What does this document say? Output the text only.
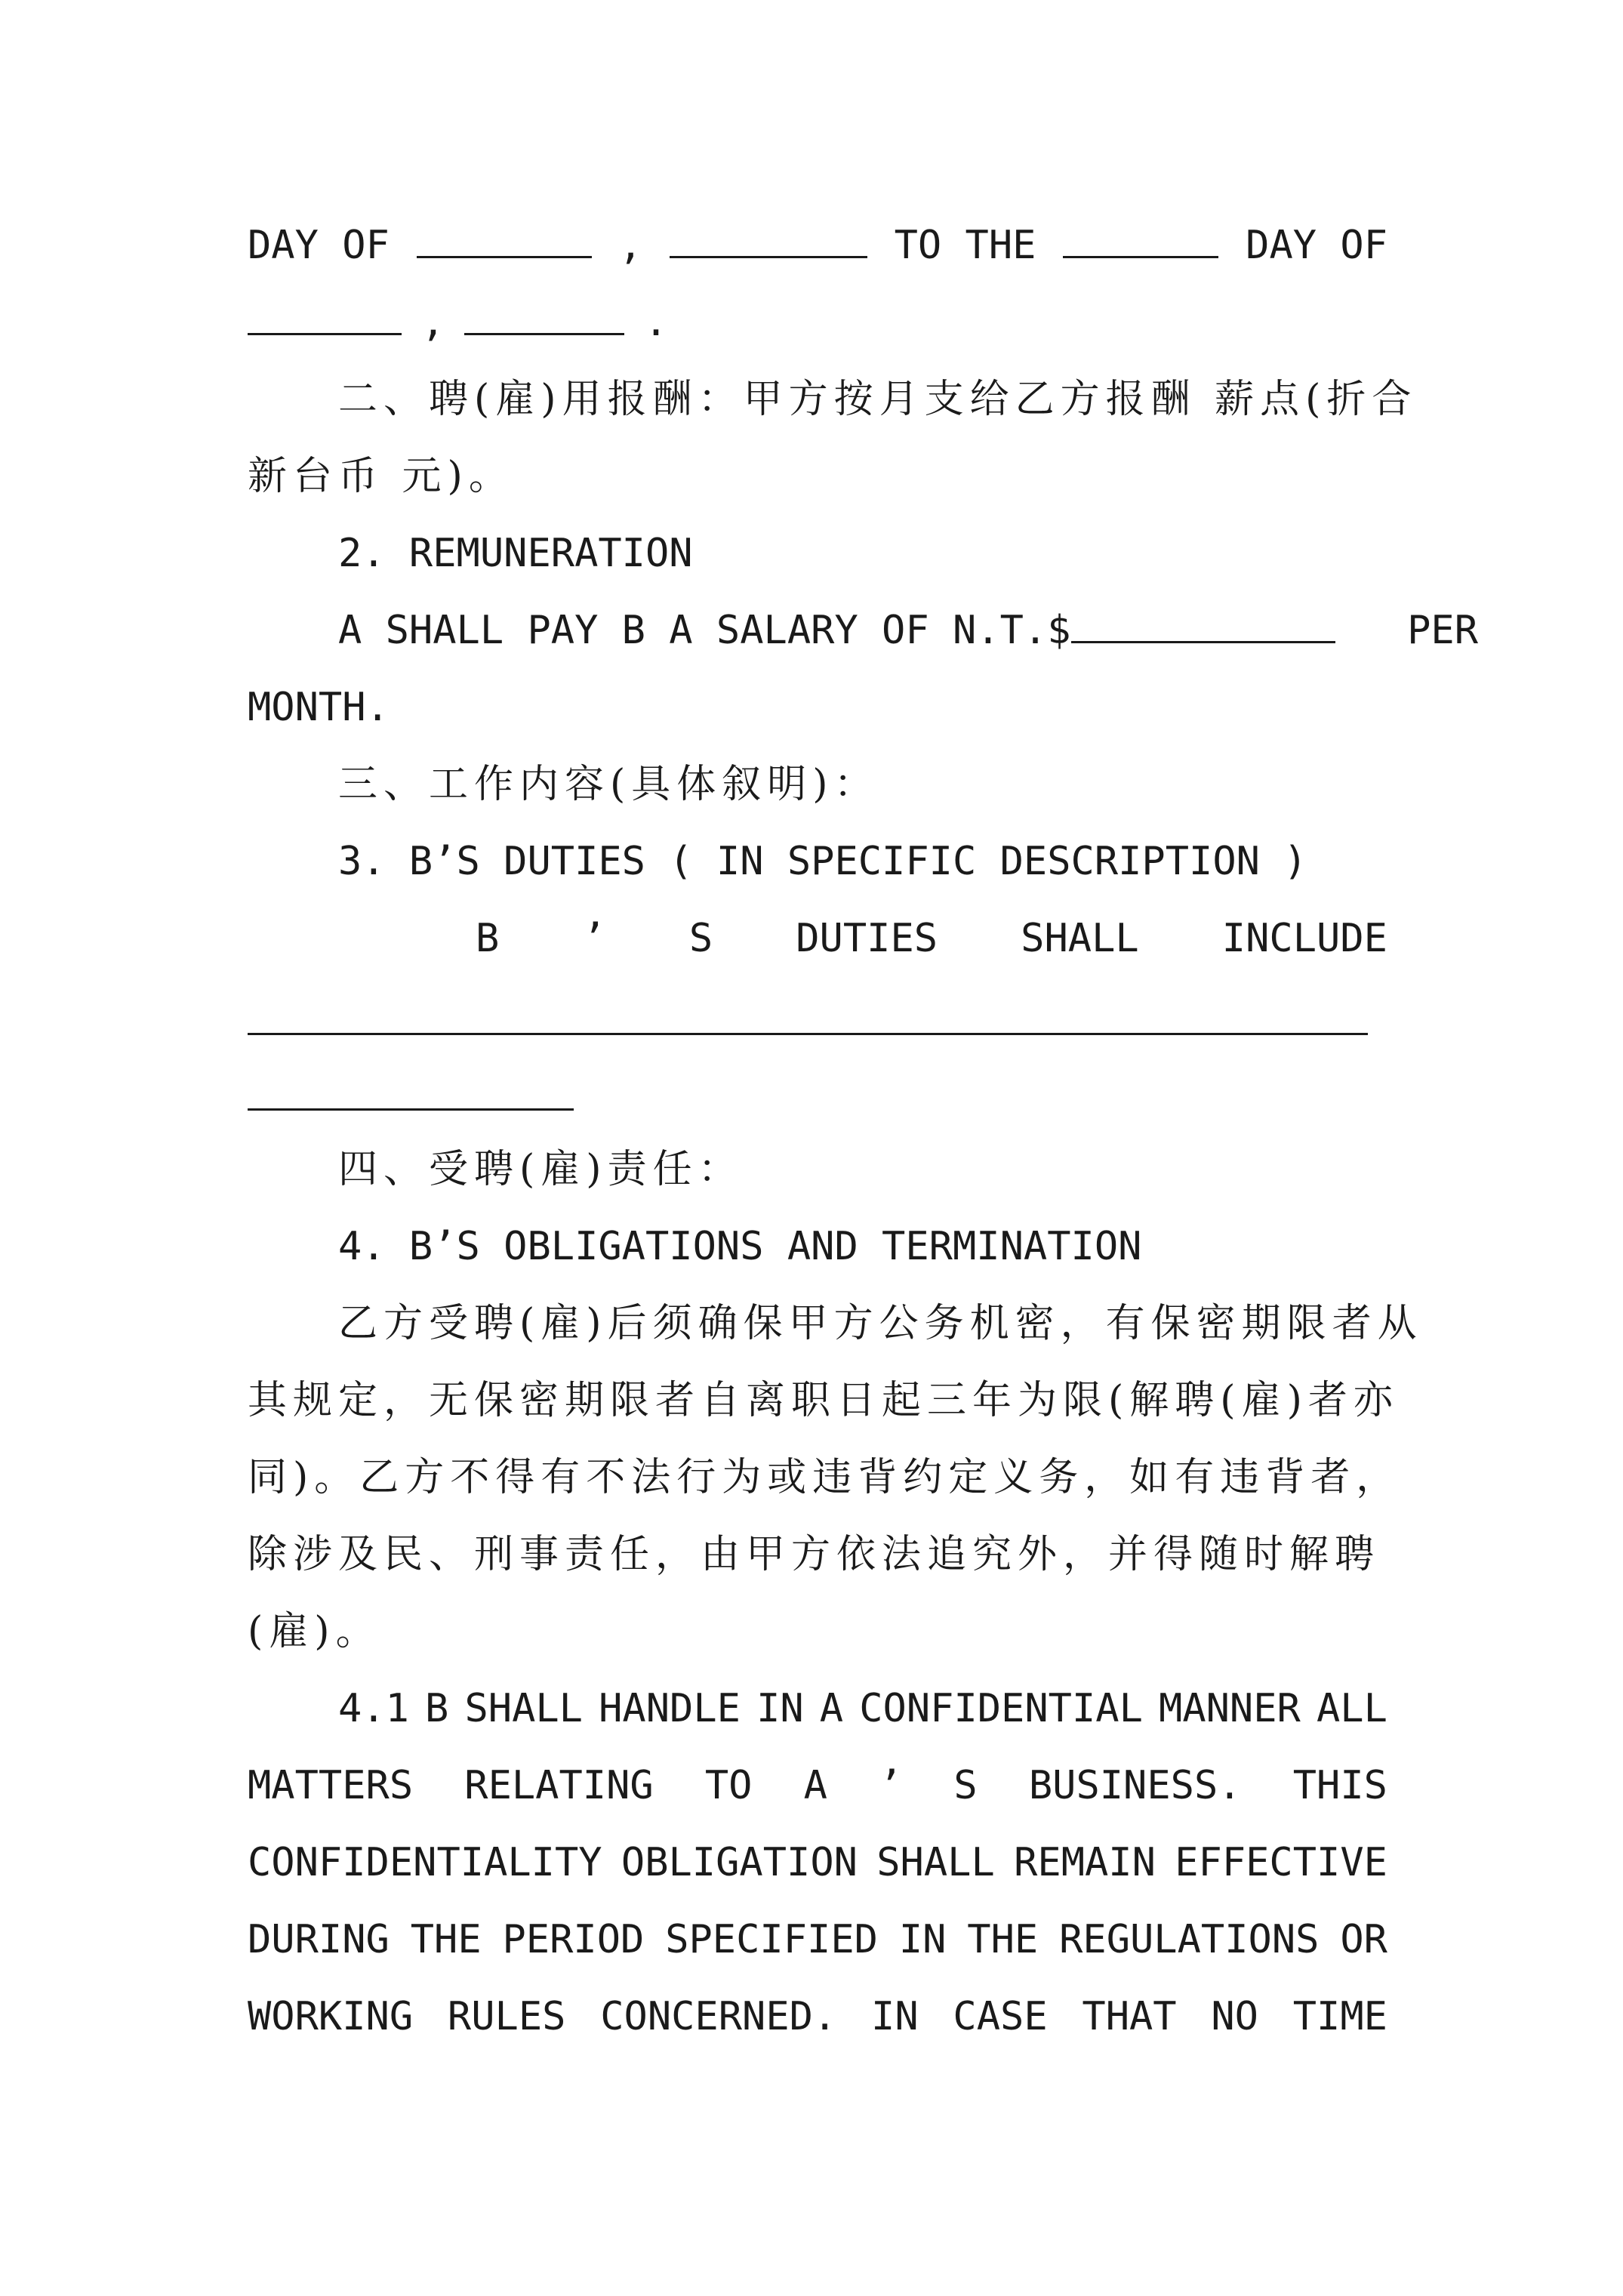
DAY OF	,	TO THE	DAY OF
,	.
二、聘(雇)用报酬：甲方按月支给乙方报酬 薪点(折合
新台币 元)。
2. REMUNERATION
A SHALL PAY B A SALARY OF N.T.$	PER
MONTH.
三、工作内容(具体叙明)：
3. B’S DUTIES ( IN SPECIFIC DESCRIPTION )
B ’ S DUTIES SHALL INCLUDE
四、受聘(雇)责任：
4. B’S OBLIGATIONS AND TERMINATION
乙方受聘(雇)后须确保甲方公务机密，有保密期限者从
其规定，无保密期限者自离职日起三年为限(解聘(雇)者亦
同)。乙方不得有不法行为或违背约定义务，如有违背者，
除涉及民、刑事责任，由甲方依法追究外，并得随时解聘
(雇)。
4.1 B SHALL HANDLE IN A CONFIDENTIAL MANNER ALL
MATTERS RELATING TO A ’ S BUSINESS. THIS
CONFIDENTIALITY OBLIGATION SHALL REMAIN EFFECTIVE
DURING THE PERIOD SPECIFIED IN THE REGULATIONS OR
WORKING RULES CONCERNED. IN CASE THAT NO TIME
